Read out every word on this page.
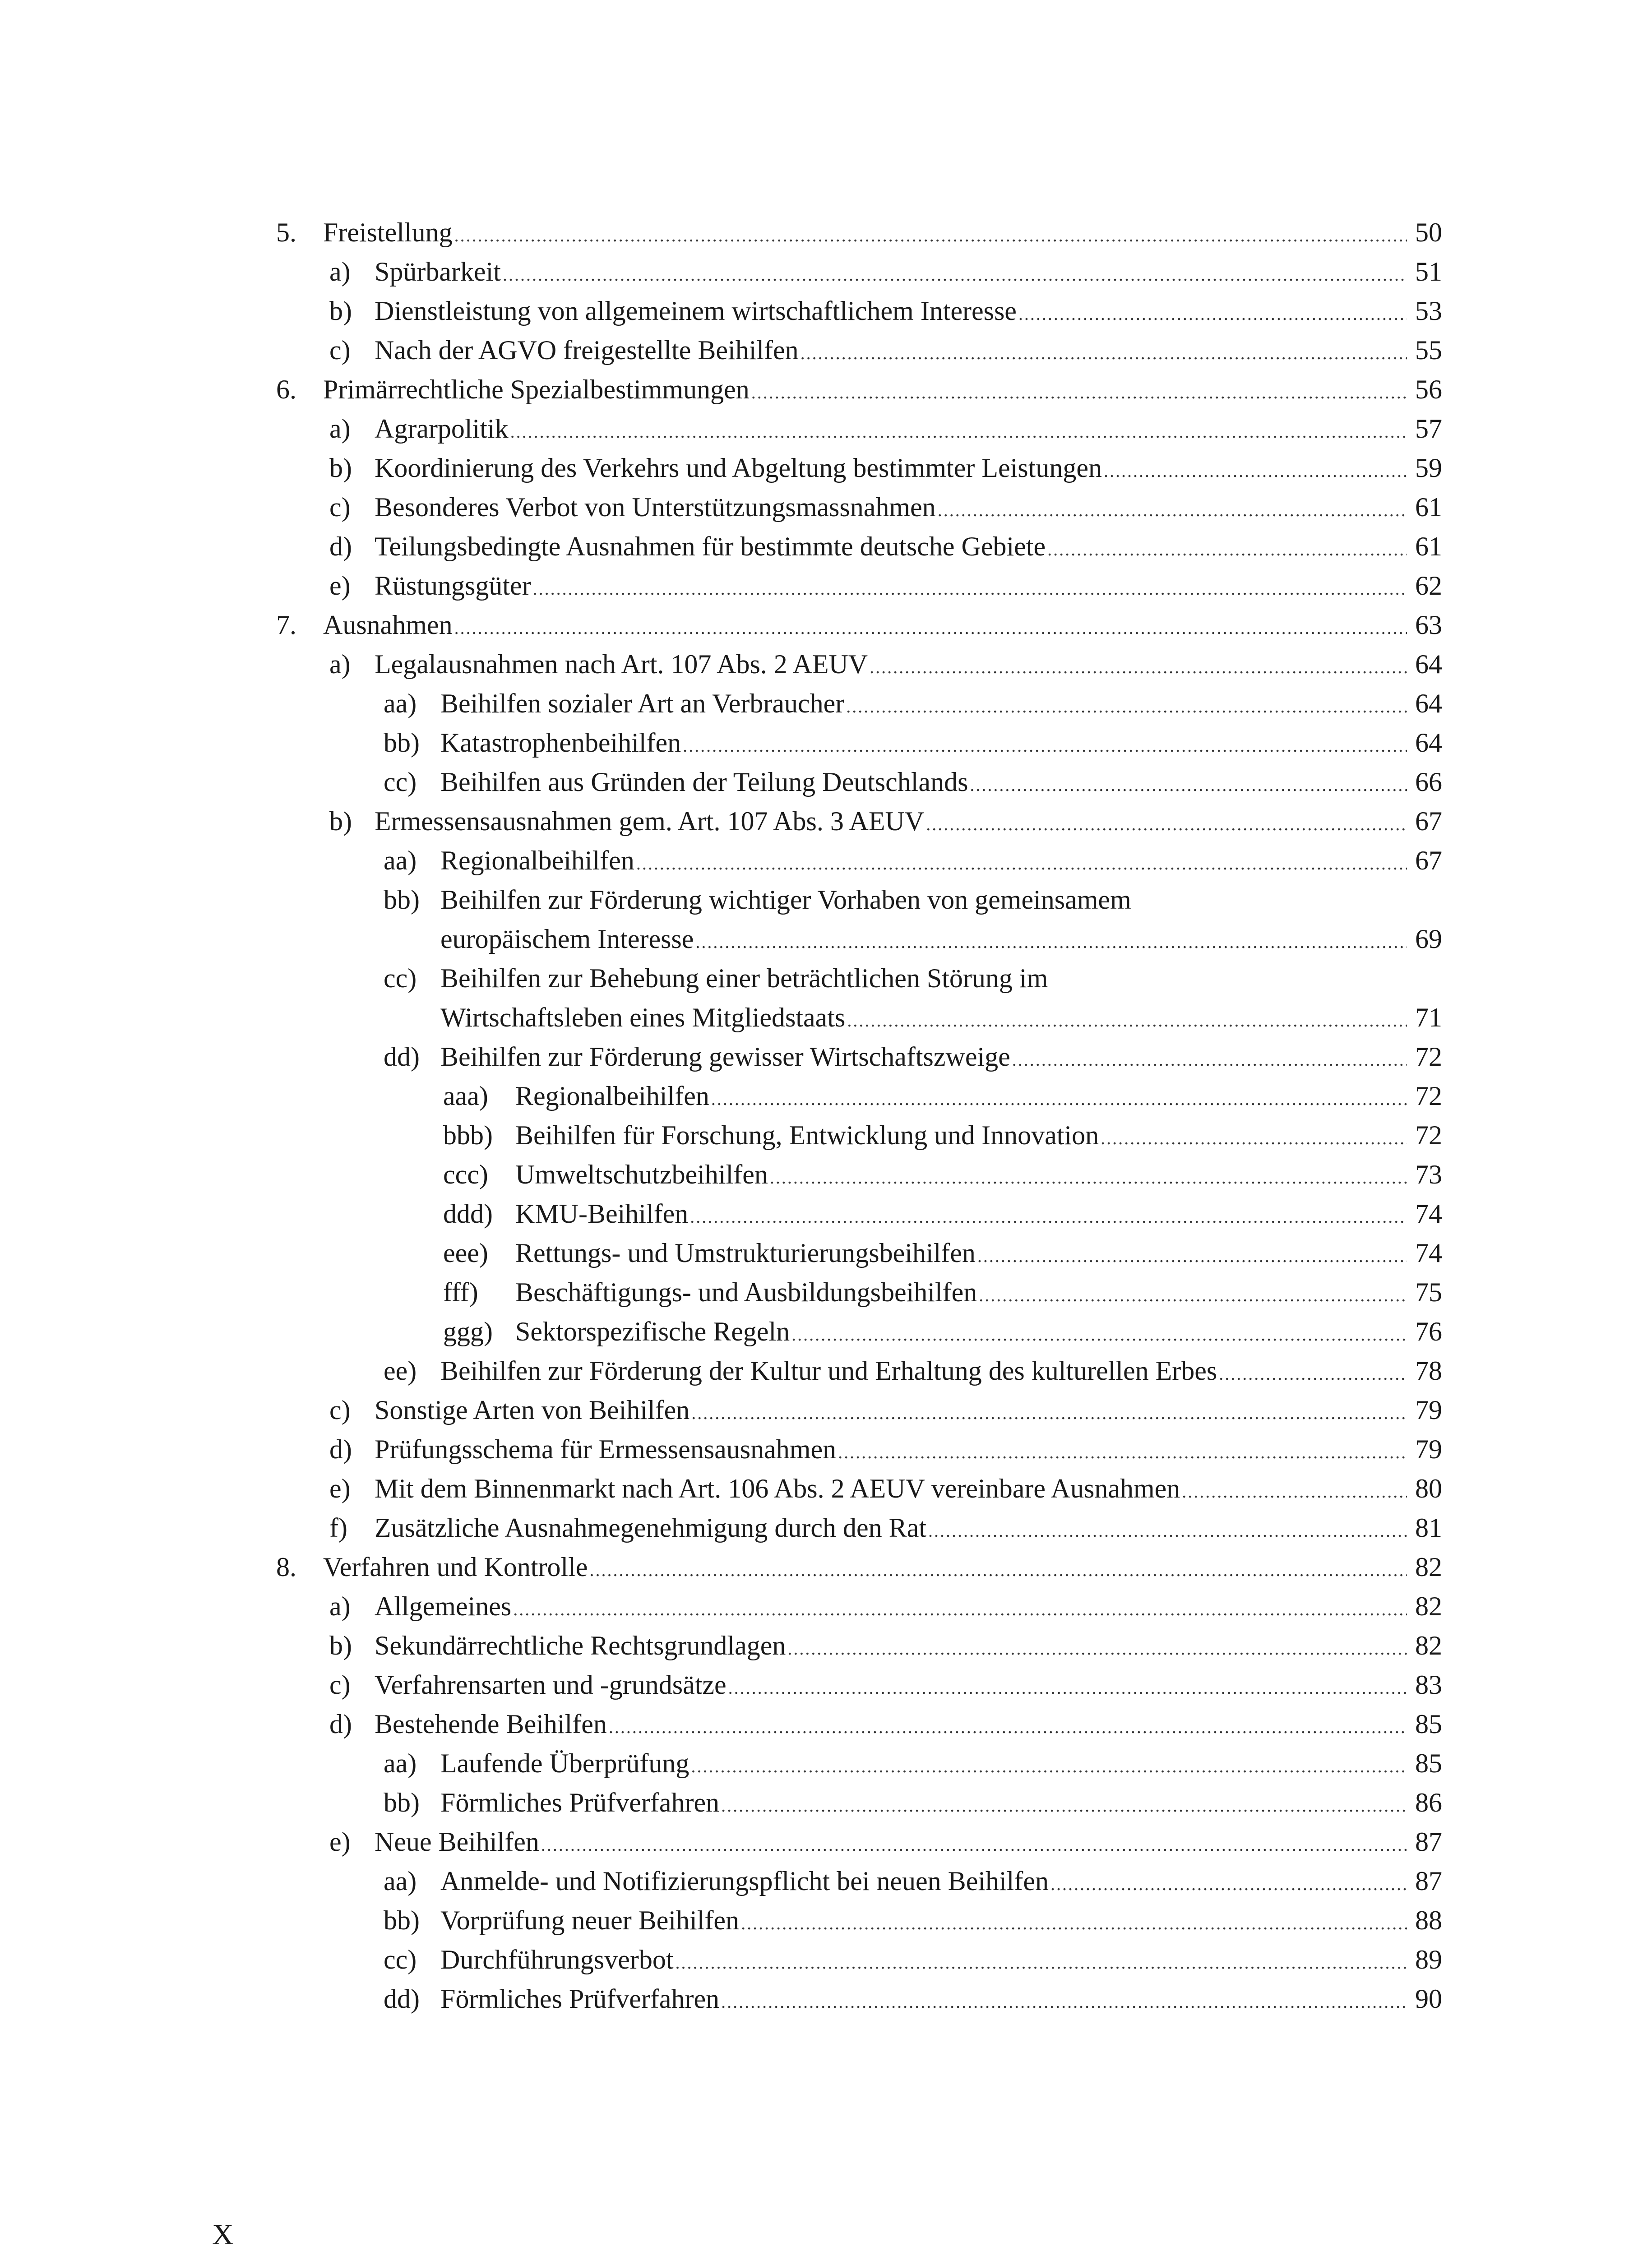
5. Freistellung .....	50
a) Spürbarkeit .....	51
b) Dienstleistung von allgemeinem wirtschaftlichem Interesse .....	53
c) Nach der AGVO freigestellte Beihilfen .....	55
6. Primärrechtliche Spezialbestimmungen .....	56
a) Agrarpolitik .....	57
b) Koordinierung des Verkehrs und Abgeltung bestimmter Leistungen .....	59
c) Besonderes Verbot von Unterstützungsmassnahmen .....	61
d) Teilungsbedingte Ausnahmen für bestimmte deutsche Gebiete .....	61
e) Rüstungsgüter .....	62
7. Ausnahmen .....	63
a) Legalausnahmen nach Art. 107 Abs. 2 AEUV .....	64
aa) Beihilfen sozialer Art an Verbraucher .....	64
bb) Katastrophenbeihilfen .....	64
cc) Beihilfen aus Gründen der Teilung Deutschlands .....	66
b) Ermessensausnahmen gem. Art. 107 Abs. 3 AEUV .....	67
aa) Regionalbeihilfen .....	67
bb) Beihilfen zur Förderung wichtiger Vorhaben von gemeinsamem
europäischem Interesse .....	69
cc) Beihilfen zur Behebung einer beträchtlichen Störung im
Wirtschaftsleben eines Mitgliedstaats .....	71
dd) Beihilfen zur Förderung gewisser Wirtschaftszweige .....	72
aaa) Regionalbeihilfen .....	72
bbb) Beihilfen für Forschung, Entwicklung und Innovation .....	72
ccc) Umweltschutzbeihilfen .....	73
ddd) KMU-Beihilfen .....	74
eee) Rettungs- und Umstrukturierungsbeihilfen .....	74
fff) Beschäftigungs- und Ausbildungsbeihilfen .....	75
ggg) Sektorspezifische Regeln .....	76
ee) Beihilfen zur Förderung der Kultur und Erhaltung des kulturellen Erbes .....	78
c) Sonstige Arten von Beihilfen .....	79
d) Prüfungsschema für Ermessensausnahmen .....	79
e) Mit dem Binnenmarkt nach Art. 106 Abs. 2 AEUV vereinbare Ausnahmen .....	80
f) Zusätzliche Ausnahmegenehmigung durch den Rat .....	81
8. Verfahren und Kontrolle .....	82
a) Allgemeines .....	82
b) Sekundärrechtliche Rechtsgrundlagen .....	82
c) Verfahrensarten und -grundsätze .....	83
d) Bestehende Beihilfen .....	85
aa) Laufende Überprüfung .....	85
bb) Förmliches Prüfverfahren .....	86
e) Neue Beihilfen .....	87
aa) Anmelde- und Notifizierungspflicht bei neuen Beihilfen .....	87
bb) Vorprüfung neuer Beihilfen .....	88
cc) Durchführungsverbot .....	89
dd) Förmliches Prüfverfahren .....	90
X
